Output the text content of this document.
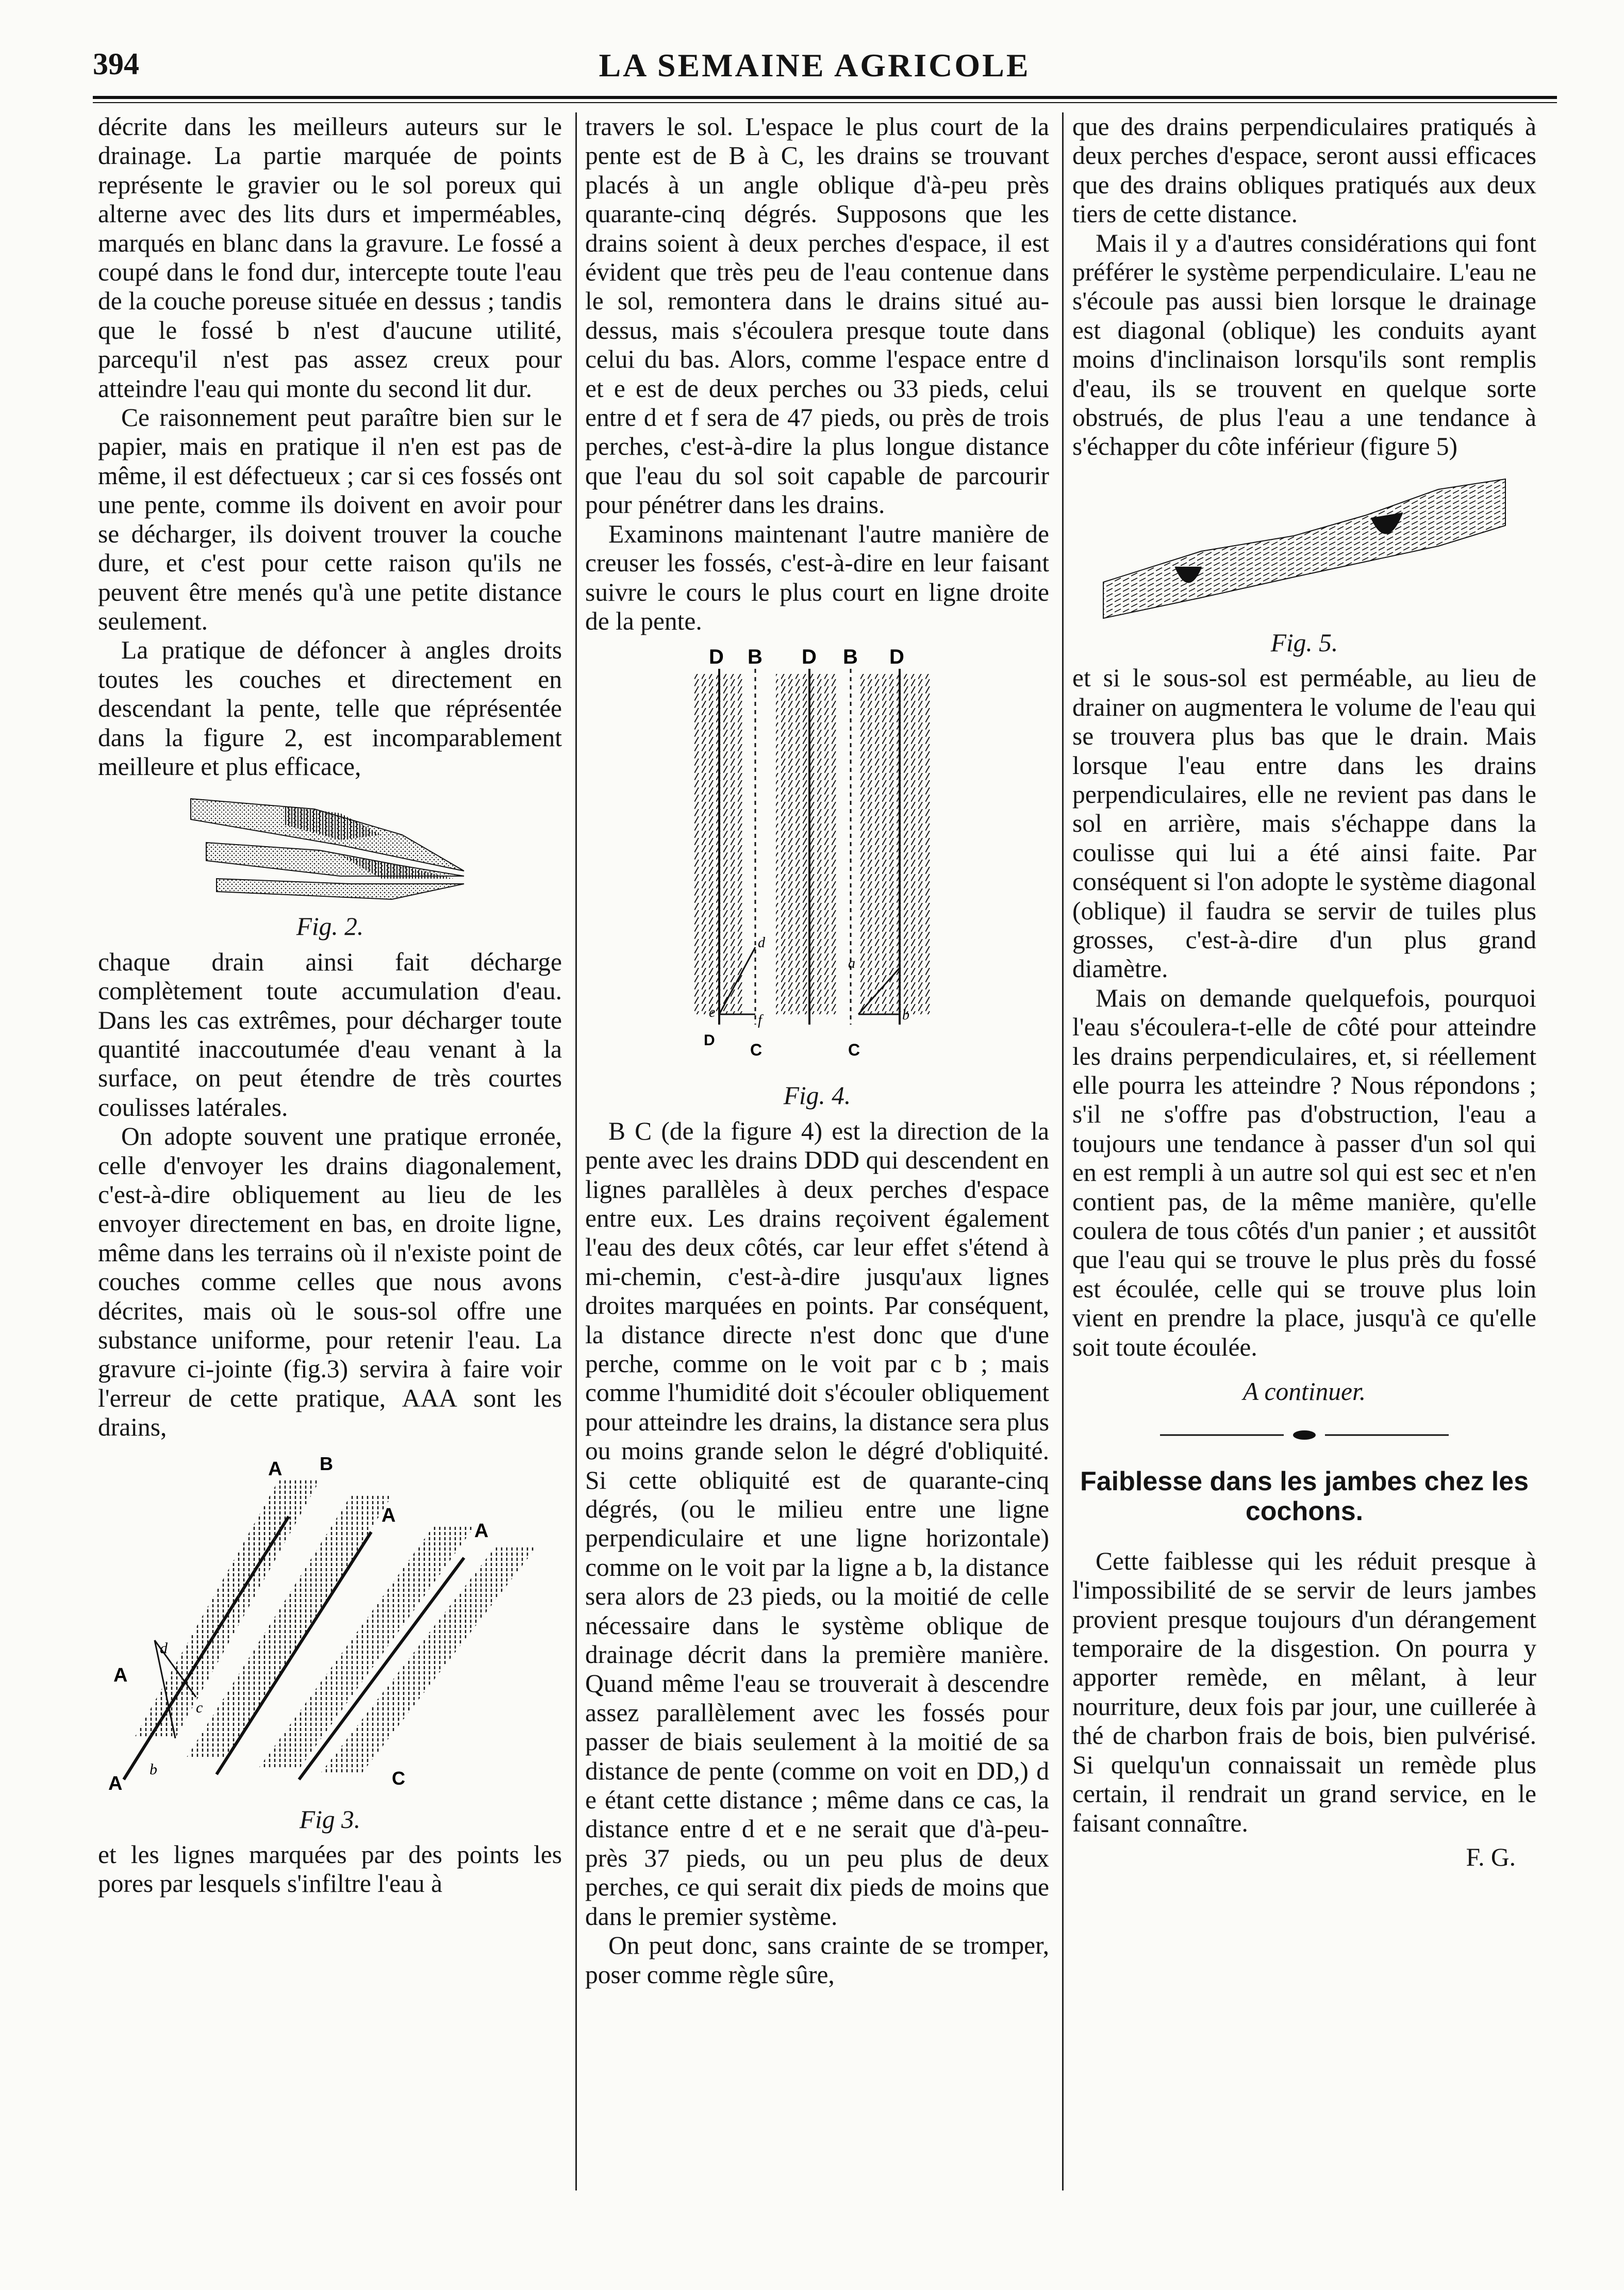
394	LA SEMAINE AGRICOLE

décrite dans les meilleurs auteurs sur le drainage. La partie marquée de points représente le gravier ou le sol poreux qui alterne avec des lits durs et imperméables, marqués en blanc dans la gravure. Le fossé a coupé dans le fond dur, intercepte toute l'eau de la couche poreuse située en dessus ; tandis que le fossé b n'est d'aucune utilité, parcequ'il n'est pas assez creux pour atteindre l'eau qui monte du second lit dur.

Ce raisonnement peut paraître bien sur le papier, mais en pratique il n'en est pas de même, il est défectueux ; car si ces fossés ont une pente, comme ils doivent en avoir pour se décharger, ils doivent trouver la couche dure, et c'est pour cette raison qu'ils ne peuvent être menés qu'à une petite distance seulement.

La pratique de défoncer à angles droits toutes les couches et directement en descendant la pente, telle que réprésentée dans la figure 2, est incomparablement meilleure et plus efficace,

Fig. 2.

chaque drain ainsi fait décharge complètement toute accumulation d'eau. Dans les cas extrêmes, pour décharger toute quantité inaccoutumée d'eau venant à la surface, on peut étendre de très courtes coulisses latérales.

On adopte souvent une pratique erronée, celle d'envoyer les drains diagonalement, c'est-à-dire obliquement au lieu de les envoyer directement en bas, en droite ligne, même dans les terrains où il n'existe point de couches comme celles que nous avons décrites, mais où le sous-sol offre une substance uniforme, pour retenir l'eau. La gravure ci-jointe (fig.3) servira à faire voir l'erreur de cette pratique, AAA sont les drains,

A B
A
A
A
A	C
d
c
b
Fig 3.

et les lignes marquées par des points les pores par lesquels s'infiltre l'eau à

travers le sol. L'espace le plus court de la pente est de B à C, les drains se trouvant placés à un angle oblique d'à-peu près quarante-cinq dégrés. Supposons que les drains soient à deux perches d'espace, il est évident que très peu de l'eau contenue dans le sol, remontera dans le drains situé au-dessus, mais s'écoulera presque toute dans celui du bas. Alors, comme l'espace entre d et e est de deux perches ou 33 pieds, celui entre d et f sera de 47 pieds, ou près de trois perches, c'est-à-dire la plus longue distance que l'eau du sol soit capable de parcourir pour pénétrer dans les drains.

Examinons maintenant l'autre manière de creuser les fossés, c'est-à-dire en leur faisant suivre le cours le plus court en ligne droite de la pente.

D B D B D
D
C	C
d
e	f
a
b
Fig. 4.

B C (de la figure 4) est la direction de la pente avec les drains DDD qui descendent en lignes parallèles à deux perches d'espace entre eux. Les drains reçoivent également l'eau des deux côtés, car leur effet s'étend à mi-chemin, c'est-à-dire jusqu'aux lignes droites marquées en points. Par conséquent, la distance directe n'est donc que d'une perche, comme on le voit par c b ; mais comme l'humidité doit s'écouler obliquement pour atteindre les drains, la distance sera plus ou moins grande selon le dégré d'obliquité. Si cette obliquité est de quarante-cinq dégrés, (ou le milieu entre une ligne perpendiculaire et une ligne horizontale) comme on le voit par la ligne a b, la distance sera alors de 23 pieds, ou la moitié de celle nécessaire dans le système oblique de drainage décrit dans la première manière. Quand même l'eau se trouverait à descendre assez parallèlement avec les fossés pour passer de biais seulement à la moitié de sa distance de pente (comme on voit en DD,) d e étant cette distance ; même dans ce cas, la distance entre d et e ne serait que d'à-peu-près 37 pieds, ou un peu plus de deux perches, ce qui serait dix pieds de moins que dans le premier système.

On peut donc, sans crainte de se tromper, poser comme règle sûre,

que des drains perpendiculaires pratiqués à deux perches d'espace, seront aussi efficaces que des drains obliques pratiqués aux deux tiers de cette distance.

Mais il y a d'autres considérations qui font préférer le système perpendiculaire. L'eau ne s'écoule pas aussi bien lorsque le drainage est diagonal (oblique) les conduits ayant moins d'inclinaison lorsqu'ils sont remplis d'eau, ils se trouvent en quelque sorte obstrués, de plus l'eau a une tendance à s'échapper du côte inférieur (figure 5)

Fig. 5.

et si le sous-sol est perméable, au lieu de drainer on augmentera le volume de l'eau qui se trouvera plus bas que le drain. Mais lorsque l'eau entre dans les drains perpendiculaires, elle ne revient pas dans le sol en arrière, mais s'échappe dans la coulisse qui lui a été ainsi faite. Par conséquent si l'on adopte le système diagonal (oblique) il faudra se servir de tuiles plus grosses, c'est-à-dire d'un plus grand diamètre.

Mais on demande quelquefois, pourquoi l'eau s'écoulera-t-elle de côté pour atteindre les drains perpendiculaires, et, si réellement elle pourra les atteindre ? Nous répondons ; s'il ne s'offre pas d'obstruction, l'eau a toujours une tendance à passer d'un sol qui en est rempli à un autre sol qui est sec et n'en contient pas, de la même manière, qu'elle coulera de tous côtés d'un panier ; et aussitôt que l'eau qui se trouve le plus près du fossé est écoulée, celle qui se trouve plus loin vient en prendre la place, jusqu'à ce qu'elle soit toute écoulée.

A continuer.
Faiblesse dans les jambes chez les cochons.

Cette faiblesse qui les réduit presque à l'impossibilité de se servir de leurs jambes provient presque toujours d'un dérangement temporaire de la disgestion. On pourra y apporter remède, en mêlant, à leur nourriture, deux fois par jour, une cuillerée à thé de charbon frais de bois, bien pulvérisé. Si quelqu'un connaissait un remède plus certain, il rendrait un grand service, en le faisant connaître.

F. G.
